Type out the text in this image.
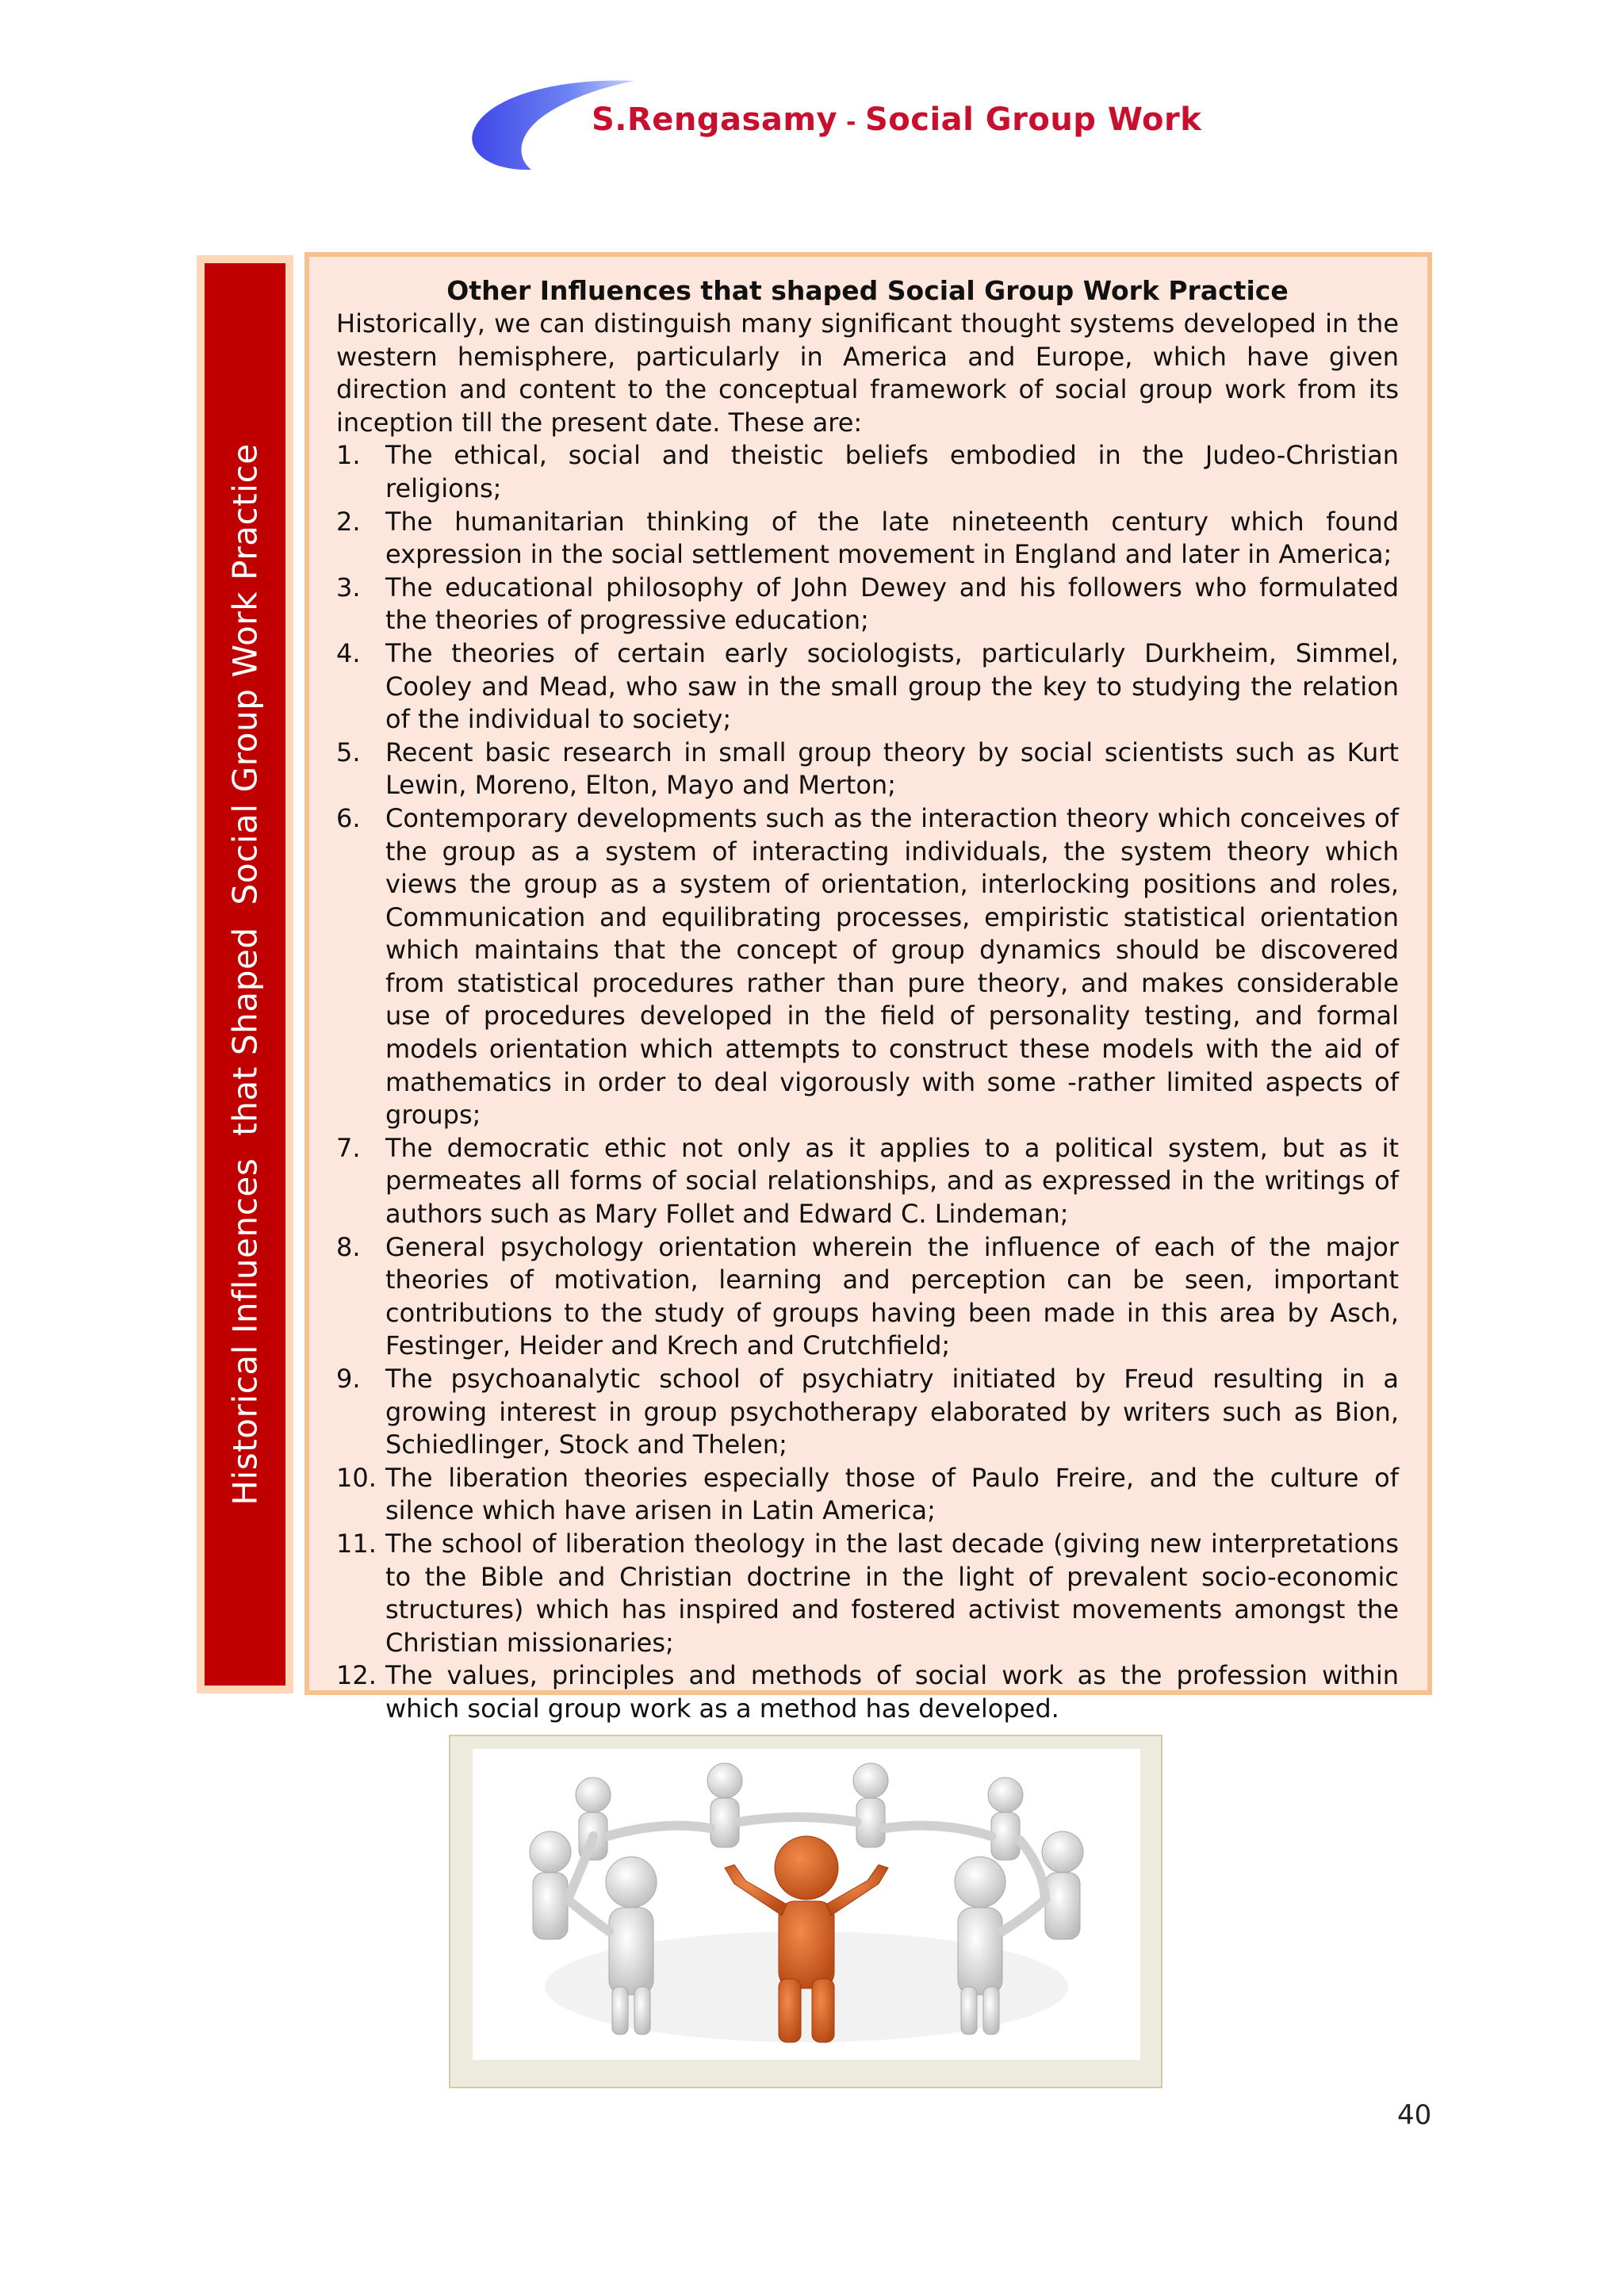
S.Rengasamy - Social Group Work
Historical Influences  that Shaped  Social Group Work Practice

Other Influences that shaped Social Group Work Practice

Historically, we can distinguish many significant thought systems developed in the western hemisphere, particularly in America and Europe, which have given direction and content to the conceptual framework of social group work from its inception till the present date. These are:

1. The ethical, social and theistic beliefs embodied in the Judeo-Christian religions;
2. The humanitarian thinking of the late nineteenth century which found expression in the social settlement movement in England and later in America;
3. The educational philosophy of John Dewey and his followers who formulated the theories of progressive education;
4. The theories of certain early sociologists, particularly Durkheim, Simmel, Cooley and Mead, who saw in the small group the key to studying the relation of the individual to society;
5. Recent basic research in small group theory by social scientists such as Kurt Lewin, Moreno, Elton, Mayo and Merton;
6. Contemporary developments such as the interaction theory which conceives of the group as a system of interacting individuals, the system theory which views the group as a system of orientation, interlocking positions and roles, Communication and equilibrating processes, empiristic statistical orientation which maintains that the concept of group dynamics should be discovered from statistical procedures rather than pure theory, and makes considerable use of procedures developed in the field of personality testing, and formal models orientation which attempts to construct these models with the aid of mathematics in order to deal vigorously with some -rather limited aspects of groups;
7. The democratic ethic not only as it applies to a political system, but as it permeates all forms of social relationships, and as expressed in the writings of authors such as Mary Follet and Edward C. Lindeman;
8. General psychology orientation wherein the influence of each of the major theories of motivation, learning and perception can be seen, important contributions to the study of groups having been made in this area by Asch, Festinger, Heider and Krech and Crutchfield;
9. The psychoanalytic school of psychiatry initiated by Freud resulting in a growing interest in group psychotherapy elaborated by writers such as Bion, Schiedlinger, Stock and Thelen;
10. The liberation theories especially those of Paulo Freire, and the culture of silence which have arisen in Latin America;
11. The school of liberation theology in the last decade (giving new interpretations to the Bible and Christian doctrine in the light of prevalent socio-economic structures) which has inspired and fostered activist movements amongst the Christian missionaries;
12. The values, principles and methods of social work as the profession within which social group work as a method has developed.
40
